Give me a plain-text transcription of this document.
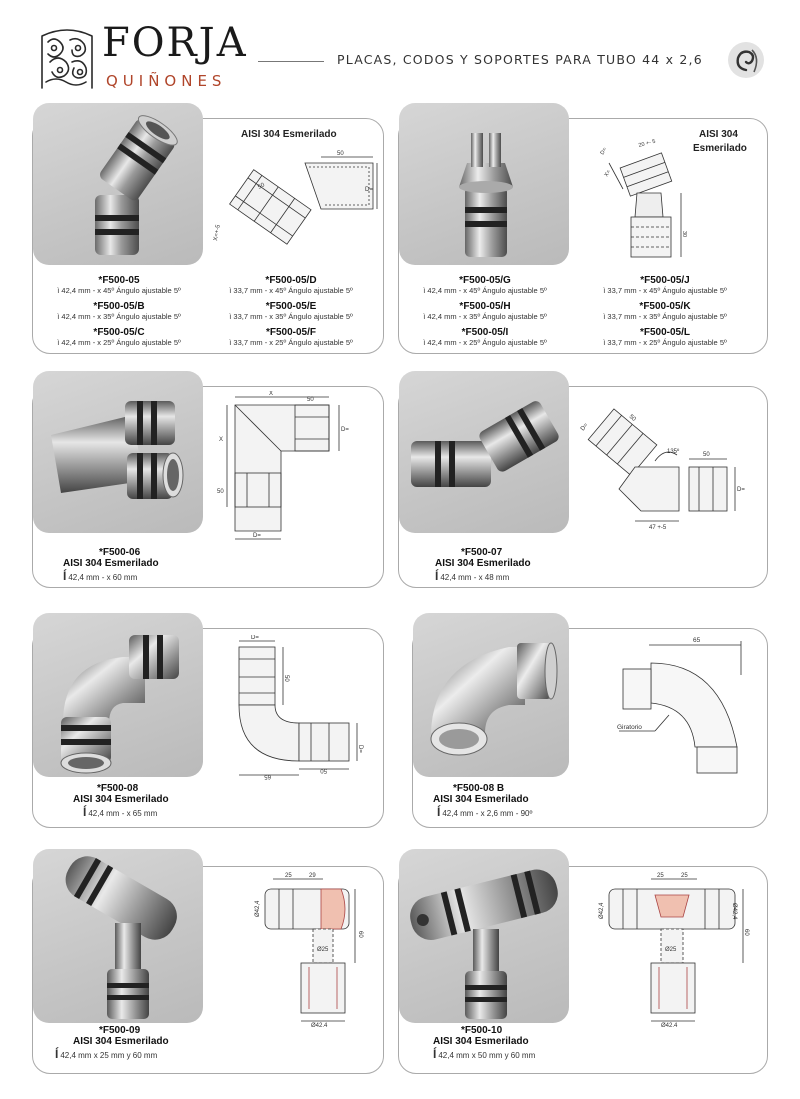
FORJA
QUIÑONES
PLACAS, CODOS Y SOPORTES PARA TUBO 44 x 2,6
AISI 304 Esmerilado
50
50	D=
X=+-5
*F500-05
ì 42,4 mm - x 45º Ángulo ajustable 5º
*F500-05/D
ì 33,7 mm - x 45º Ángulo ajustable 5º
*F500-05/B
ì 42,4 mm - x 35º Ángulo ajustable 5º
*F500-05/E
ì 33,7 mm - x 35º Ángulo ajustable 5º
*F500-05/C
ì 42,4 mm - x 25º Ángulo ajustable 5º
*F500-05/F
ì 33,7 mm - x 25º Ángulo ajustable 5º
AISI 304
Esmerilado
D=
20 +- 5
X=
30
*F500-05/G
ì 42,4 mm - x 45º Ángulo ajustable 5º
*F500-05/J
ì 33,7 mm - x 45º Ángulo ajustable 5º
*F500-05/H
ì 42,4 mm - x 35º Ángulo ajustable 5º
*F500-05/K
ì 33,7 mm - x 35º Ángulo ajustable 5º
*F500-05/I
ì 42,4 mm - x 25º Ángulo ajustable 5º
*F500-05/L
ì 33,7 mm - x 25º Ángulo ajustable 5º
X
50
D=
X
50
D=
*F500-06
AISI 304 Esmerilado
Í 42,4 mm - x 60 mm
D=
50
135º	50
D=
47 +-5
*F500-07
AISI 304 Esmerilado
Í 42,4 mm - x 48 mm
D=
50
D=
65
50
*F500-08
AISI 304 Esmerilado
Í 42,4 mm - x 65 mm
65
Giratorio
*F500-08 B
AISI 304 Esmerilado
Í 42,4 mm - x 2,6 mm - 90º
25	29
Ø42,4
Ø25
60
Ø42,4
*F500-09
AISI 304 Esmerilado
Í 42,4 mm x 25 mm y 60 mm
25	25
Ø42,4	Ø42,4
Ø25
60
Ø42,4
*F500-10
AISI 304 Esmerilado
Í 42,4 mm x 50 mm y 60 mm
